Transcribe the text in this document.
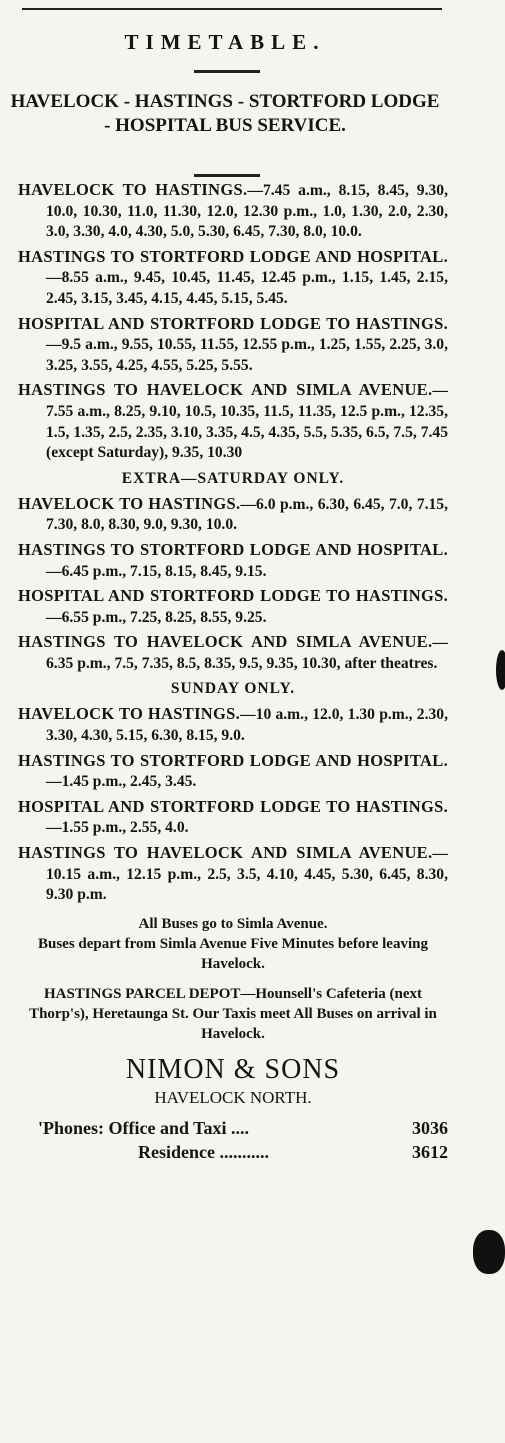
TIMETABLE.
HAVELOCK - HASTINGS - STORTFORD LODGE - HOSPITAL BUS SERVICE.

HAVELOCK TO HASTINGS.—7.45 a.m., 8.15, 8.45, 9.30, 10.0, 10.30, 11.0, 11.30, 12.0, 12.30 p.m., 1.0, 1.30, 2.0, 2.30, 3.0, 3.30, 4.0, 4.30, 5.0, 5.30, 6.45, 7.30, 8.0, 10.0.

HASTINGS TO STORTFORD LODGE AND HOSPITAL.—8.55 a.m., 9.45, 10.45, 11.45, 12.45 p.m., 1.15, 1.45, 2.15, 2.45, 3.15, 3.45, 4.15, 4.45, 5.15, 5.45.

HOSPITAL AND STORTFORD LODGE TO HASTINGS.—9.5 a.m., 9.55, 10.55, 11.55, 12.55 p.m., 1.25, 1.55, 2.25, 3.0, 3.25, 3.55, 4.25, 4.55, 5.25, 5.55.

HASTINGS TO HAVELOCK AND SIMLA AVENUE.—7.55 a.m., 8.25, 9.10, 10.5, 10.35, 11.5, 11.35, 12.5 p.m., 12.35, 1.5, 1.35, 2.5, 2.35, 3.10, 3.35, 4.5, 4.35, 5.5, 5.35, 6.5, 7.5, 7.45 (except Saturday), 9.35, 10.30

EXTRA—SATURDAY ONLY.

HAVELOCK TO HASTINGS.—6.0 p.m., 6.30, 6.45, 7.0, 7.15, 7.30, 8.0, 8.30, 9.0, 9.30, 10.0.

HASTINGS TO STORTFORD LODGE AND HOSPITAL.—6.45 p.m., 7.15, 8.15, 8.45, 9.15.

HOSPITAL AND STORTFORD LODGE TO HASTINGS.—6.55 p.m., 7.25, 8.25, 8.55, 9.25.

HASTINGS TO HAVELOCK AND SIMLA AVENUE.—6.35 p.m., 7.5, 7.35, 8.5, 8.35, 9.5, 9.35, 10.30, after theatres.

SUNDAY ONLY.

HAVELOCK TO HASTINGS.—10 a.m., 12.0, 1.30 p.m., 2.30, 3.30, 4.30, 5.15, 6.30, 8.15, 9.0.

HASTINGS TO STORTFORD LODGE AND HOSPITAL.—1.45 p.m., 2.45, 3.45.

HOSPITAL AND STORTFORD LODGE TO HASTINGS.—1.55 p.m., 2.55, 4.0.

HASTINGS TO HAVELOCK AND SIMLA AVENUE.—10.15 a.m., 12.15 p.m., 2.5, 3.5, 4.10, 4.45, 5.30, 6.45, 8.30, 9.30 p.m.

All Buses go to Simla Avenue.
Buses depart from Simla Avenue Five Minutes before leaving Havelock.
HASTINGS PARCEL DEPOT—Hounsell's Cafeteria (next Thorp's), Heretaunga St. Our Taxis meet All Buses on arrival in Havelock.
NIMON & SONS
HAVELOCK NORTH.
'Phones: Office and Taxi ....	3036
Residence ...........	3612
